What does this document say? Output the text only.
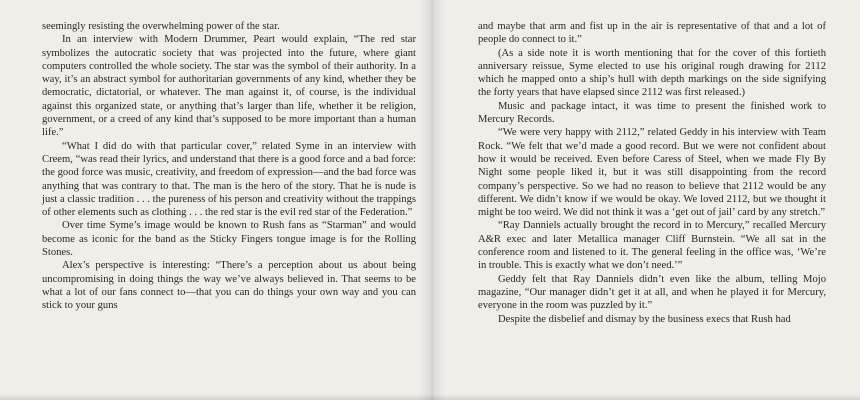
seemingly resisting the overwhelming power of the star.

In an interview with Modern Drummer, Peart would explain, “The red star symbolizes the autocratic society that was projected into the future, where giant computers controlled the whole society. The star was the symbol of their authority. In a way, it’s an abstract symbol for authoritarian governments of any kind, whether they be democratic, dictatorial, or whatever. The man against it, of course, is the individual against this organized state, or anything that’s larger than life, whether it be religion, government, or a creed of any kind that’s supposed to be more important than a human life.”

“What I did do with that particular cover,” related Syme in an interview with Creem, “was read their lyrics, and understand that there is a good force and a bad force: the good force was music, creativity, and freedom of expression—and the bad force was anything that was contrary to that. The man is the hero of the story. That he is nude is just a classic tradition . . . the pureness of his person and creativity without the trappings of other elements such as clothing . . . the red star is the evil red star of the Federation.”

Over time Syme’s image would be known to Rush fans as “Starman” and would become as iconic for the band as the Sticky Fingers tongue image is for the Rolling Stones.

Alex’s perspective is interesting: “There’s a perception about us about being uncompromising in doing things the way we’ve always believed in. That seems to be what a lot of our fans connect to—that you can do things your own way and you can stick to your guns

and maybe that arm and fist up in the air is representative of that and a lot of people do connect to it.”

(As a side note it is worth mentioning that for the cover of this fortieth anniversary reissue, Syme elected to use his original rough drawing for 2112 which he mapped onto a ship’s hull with depth markings on the side signifying the forty years that have elapsed since 2112 was first released.)

Music and package intact, it was time to present the finished work to Mercury Records.

“We were very happy with 2112,” related Geddy in his interview with Team Rock. “We felt that we’d made a good record. But we were not confident about how it would be received. Even before Caress of Steel, when we made Fly By Night some people liked it, but it was still disappointing from the record company’s perspective. So we had no reason to believe that 2112 would be any different. We didn’t know if we would be okay. We loved 2112, but we thought it might be too weird. We did not think it was a ‘get out of jail’ card by any stretch.”

“Ray Danniels actually brought the record in to Mercury,” recalled Mercury A&R exec and later Metallica manager Cliff Burnstein. “We all sat in the conference room and listened to it. The general feeling in the office was, ‘We’re in trouble. This is exactly what we don’t need.’”

Geddy felt that Ray Danniels didn’t even like the album, telling Mojo magazine, “Our manager didn’t get it at all, and when he played it for Mercury, everyone in the room was puzzled by it.”

Despite the disbelief and dismay by the business execs that Rush had
